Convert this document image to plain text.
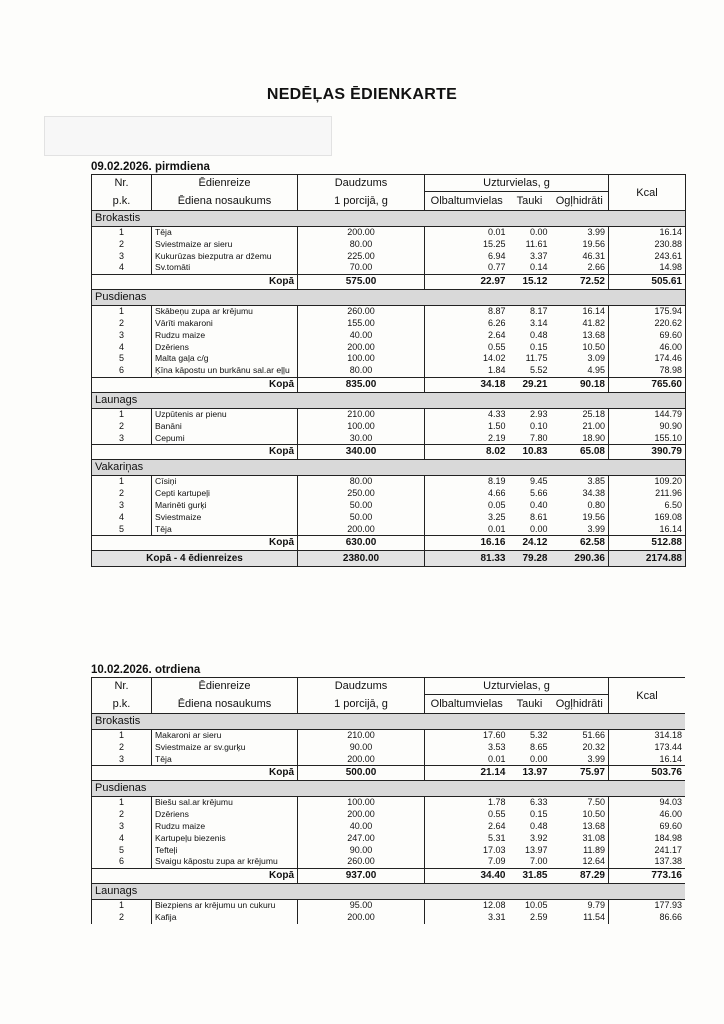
NEDĒĻAS ĒDIENKARTE
09.02.2026. pirmdiena
Nr.	Ēdienreize	Daudzums	Uzturvielas, g			Kcal
p.k.	Ēdiena nosaukums	1 porcijā, g	Olbaltumvielas	Tauki	Ogļhidrāti	
Brokastis						
1	Tēja	200.00	0.01	0.00	3.99	16.14
2	Sviestmaize ar sieru	80.00	15.25	11.61	19.56	230.88
3	Kukurūzas biezputra ar džemu	225.00	6.94	3.37	46.31	243.61
4	Sv.tomāti	70.00	0.77	0.14	2.66	14.98
Kopā		575.00	22.97	15.12	72.52	505.61
Pusdienas						
1	Skābeņu zupa ar krējumu	260.00	8.87	8.17	16.14	175.94
2	Vārīti makaroni	155.00	6.26	3.14	41.82	220.62
3	Rudzu maize	40.00	2.64	0.48	13.68	69.60
4	Dzēriens	200.00	0.55	0.15	10.50	46.00
5	Malta gaļa c/g	100.00	14.02	11.75	3.09	174.46
6	Ķīna kāpostu un burkānu sal.ar eļļu	80.00	1.84	5.52	4.95	78.98
Kopā		835.00	34.18	29.21	90.18	765.60
Launags						
1	Uzpūtenis ar pienu	210.00	4.33	2.93	25.18	144.79
2	Banāni	100.00	1.50	0.10	21.00	90.90
3	Cepumi	30.00	2.19	7.80	18.90	155.10
Kopā		340.00	8.02	10.83	65.08	390.79
Vakariņas						
1	Cīsiņi	80.00	8.19	9.45	3.85	109.20
2	Cepti kartupeļi	250.00	4.66	5.66	34.38	211.96
3	Marinēti gurķi	50.00	0.05	0.40	0.80	6.50
4	Sviestmaize	50.00	3.25	8.61	19.56	169.08
5	Tēja	200.00	0.01	0.00	3.99	16.14
Kopā		630.00	16.16	24.12	62.58	512.88
Kopā - 4 ēdienreizes		2380.00	81.33	79.28	290.36	2174.88
10.02.2026. otrdiena
Nr.	Ēdienreize	Daudzums	Uzturvielas, g			Kcal
p.k.	Ēdiena nosaukums	1 porcijā, g	Olbaltumvielas	Tauki	Ogļhidrāti	
Brokastis						
1	Makaroni ar sieru	210.00	17.60	5.32	51.66	314.18
2	Sviestmaize ar sv.gurķu	90.00	3.53	8.65	20.32	173.44
3	Tēja	200.00	0.01	0.00	3.99	16.14
Kopā		500.00	21.14	13.97	75.97	503.76
Pusdienas						
1	Biešu sal.ar krējumu	100.00	1.78	6.33	7.50	94.03
2	Dzēriens	200.00	0.55	0.15	10.50	46.00
3	Rudzu maize	40.00	2.64	0.48	13.68	69.60
4	Kartupeļu biezenis	247.00	5.31	3.92	31.08	184.98
5	Tefteļi	90.00	17.03	13.97	11.89	241.17
6	Svaigu kāpostu zupa ar krējumu	260.00	7.09	7.00	12.64	137.38
Kopā		937.00	34.40	31.85	87.29	773.16
Launags						
1	Biezpiens ar krējumu un cukuru	95.00	12.08	10.05	9.79	177.93
2	Kafija	200.00	3.31	2.59	11.54	86.66
